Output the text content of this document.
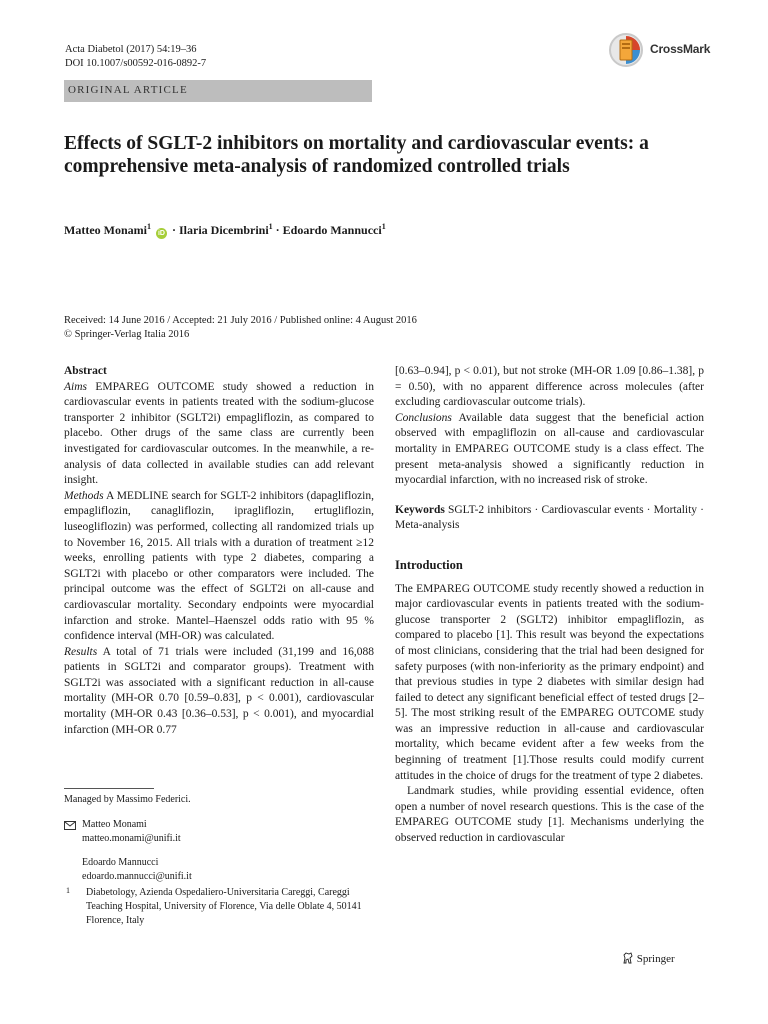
Acta Diabetol (2017) 54:19–36
DOI 10.1007/s00592-016-0892-7
CrossMark
ORIGINAL ARTICLE
Effects of SGLT-2 inhibitors on mortality and cardiovascular events: a comprehensive meta-analysis of randomized controlled trials
Matteo Monami$^1$ iD · Ilaria Dicembrini$^1$ · Edoardo Mannucci$^1$
Received: 14 June 2016 / Accepted: 21 July 2016 / Published online: 4 August 2016
© Springer-Verlag Italia 2016

Abstract

Aims EMPAREG OUTCOME study showed a reduction in cardiovascular events in patients treated with the sodium-glucose transporter 2 inhibitor (SGLT2i) empagliflozin, as compared to placebo. Other drugs of the same class are currently been investigated for cardiovascular outcomes. In the meanwhile, a re-analysis of data collected in available studies can add relevant insight.

Methods A MEDLINE search for SGLT-2 inhibitors (dapagliflozin, empagliflozin, canagliflozin, ipragliflozin, ertugliflozin, luseogliflozin) was performed, collecting all randomized trials up to November 16, 2015. All trials with a duration of treatment ≥12 weeks, enrolling patients with type 2 diabetes, comparing a SGLT2i with placebo or other comparators were included. The principal outcome was the effect of SGLT2i on all-cause and cardiovascular mortality. Secondary endpoints were myocardial infarction and stroke. Mantel–Haenszel odds ratio with 95 % confidence interval (MH-OR) was calculated.

Results A total of 71 trials were included (31,199 and 16,088 patients in SGLT2i and comparator groups). Treatment with SGLT2i was associated with a significant reduction in all-cause mortality (MH-OR 0.70 [0.59–0.83], p < 0.001), cardiovascular mortality (MH-OR 0.43 [0.36–0.53], p < 0.001), and myocardial infarction (MH-OR 0.77

Managed by Massimo Federici.
Matteo Monami
matteo.monami@unifi.it
Edoardo Mannucci
edoardo.mannucci@unifi.it
1 Diabetology, Azienda Ospedaliero-Universitaria Careggi, Careggi Teaching Hospital, University of Florence, Via delle Oblate 4, 50141 Florence, Italy

[0.63–0.94], p < 0.01), but not stroke (MH-OR 1.09 [0.86–1.38], p = 0.50), with no apparent difference across molecules (after excluding cardiovascular outcome trials).

Conclusions Available data suggest that the beneficial action observed with empagliflozin on all-cause and cardiovascular mortality in EMPAREG OUTCOME study is a class effect. The present meta-analysis showed a significantly reduction in myocardial infarction, with no increased risk of stroke.

Keywords SGLT-2 inhibitors · Cardiovascular events · Mortality · Meta-analysis

Introduction

The EMPAREG OUTCOME study recently showed a reduction in major cardiovascular events in patients treated with the sodium-glucose transporter 2 (SGLT2) inhibitor empagliflozin, as compared to placebo [1]. This result was beyond the expectations of most clinicians, considering that the trial had been designed for safety purposes (with non-inferiority as the primary endpoint) and that previous studies in type 2 diabetes with similar design had failed to detect any significant beneficial effect of tested drugs [2–5]. The most striking result of the EMPAREG OUTCOME study was an impressive reduction in all-cause and cardiovascular mortality, which became evident after a few weeks from the beginning of treatment [1].Those results could modify current attitudes in the choice of drugs for the treatment of type 2 diabetes.

Landmark studies, while providing essential evidence, often open a number of novel research questions. This is the case of the EMPAREG OUTCOME study [1]. Mechanisms underlying the observed reduction in cardiovascular

Springer
